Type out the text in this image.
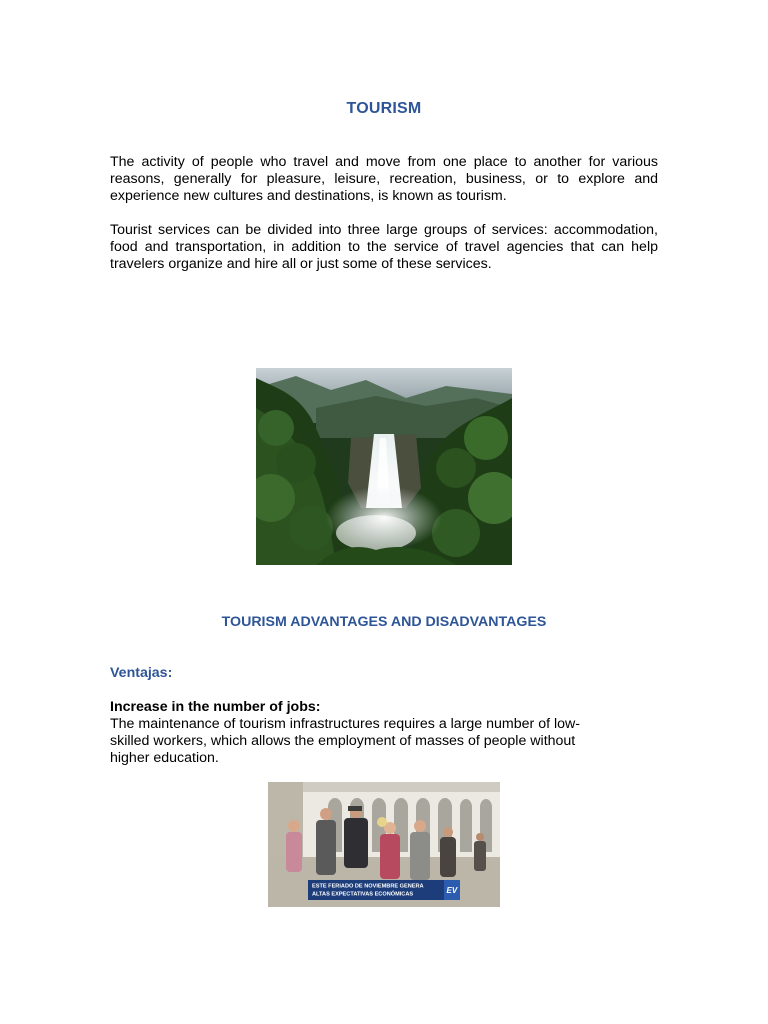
TOURISM
The activity of people who travel and move from one place to another for various reasons, generally for pleasure, leisure, recreation, business, or to explore and experience new cultures and destinations, is known as tourism.
Tourist services can be divided into three large groups of services: accommodation, food and transportation, in addition to the service of travel agencies that can help travelers organize and hire all or just some of these services.
TOURISM ADVANTAGES AND DISADVANTAGES
Ventajas:
Increase in the number of jobs:
The maintenance of tourism infrastructures requires a large number of low-
skilled workers, which allows the employment of masses of people without
higher education.
ESTE FERIADO DE NOVIEMBRE GENERA
ALTAS EXPECTATIVAS ECONÓMICAS	EV
